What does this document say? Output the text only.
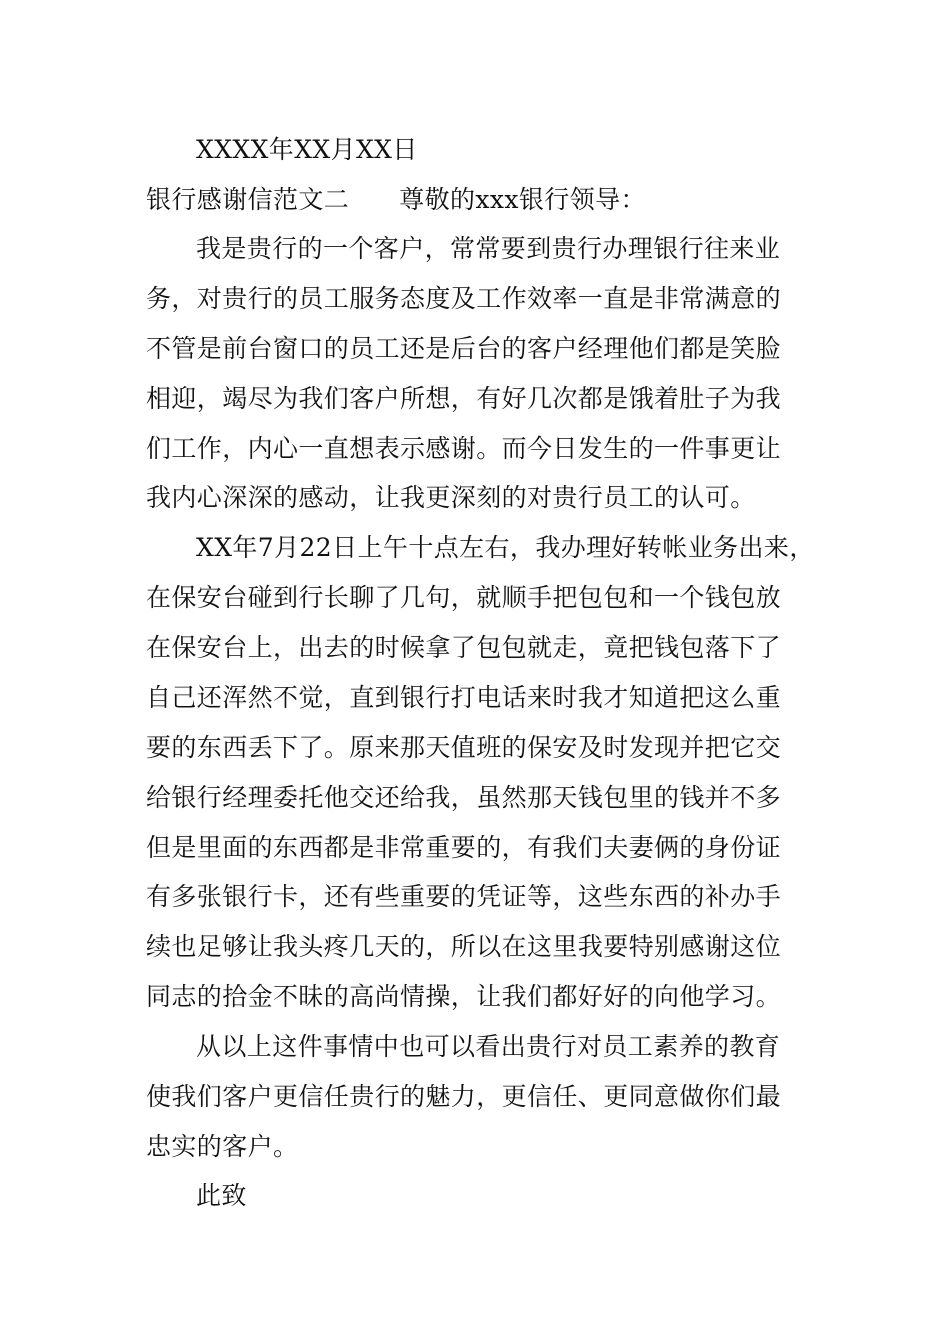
XXXX年XX月XX日
银行感谢信范文二 尊敬的xxx银行领导：
我是贵行的一个客户，常常要到贵行办理银行往来业
务，对贵行的员工服务态度及工作效率一直是非常满意的
不管是前台窗口的员工还是后台的客户经理他们都是笑脸
相迎，竭尽为我们客户所想，有好几次都是饿着肚子为我
们工作，内心一直想表示感谢。而今日发生的一件事更让
我内心深深的感动，让我更深刻的对贵行员工的认可。
XX年7月22日上午十点左右，我办理好转帐业务出来，
在保安台碰到行长聊了几句，就顺手把包包和一个钱包放
在保安台上，出去的时候拿了包包就走，竟把钱包落下了
自己还浑然不觉，直到银行打电话来时我才知道把这么重
要的东西丢下了。原来那天值班的保安及时发现并把它交
给银行经理委托他交还给我，虽然那天钱包里的钱并不多
但是里面的东西都是非常重要的，有我们夫妻俩的身份证
有多张银行卡，还有些重要的凭证等，这些东西的补办手
续也足够让我头疼几天的，所以在这里我要特别感谢这位
同志的拾金不昧的高尚情操，让我们都好好的向他学习。
从以上这件事情中也可以看出贵行对员工素养的教育
使我们客户更信任贵行的魅力，更信任、更同意做你们最
忠实的客户。
此致
